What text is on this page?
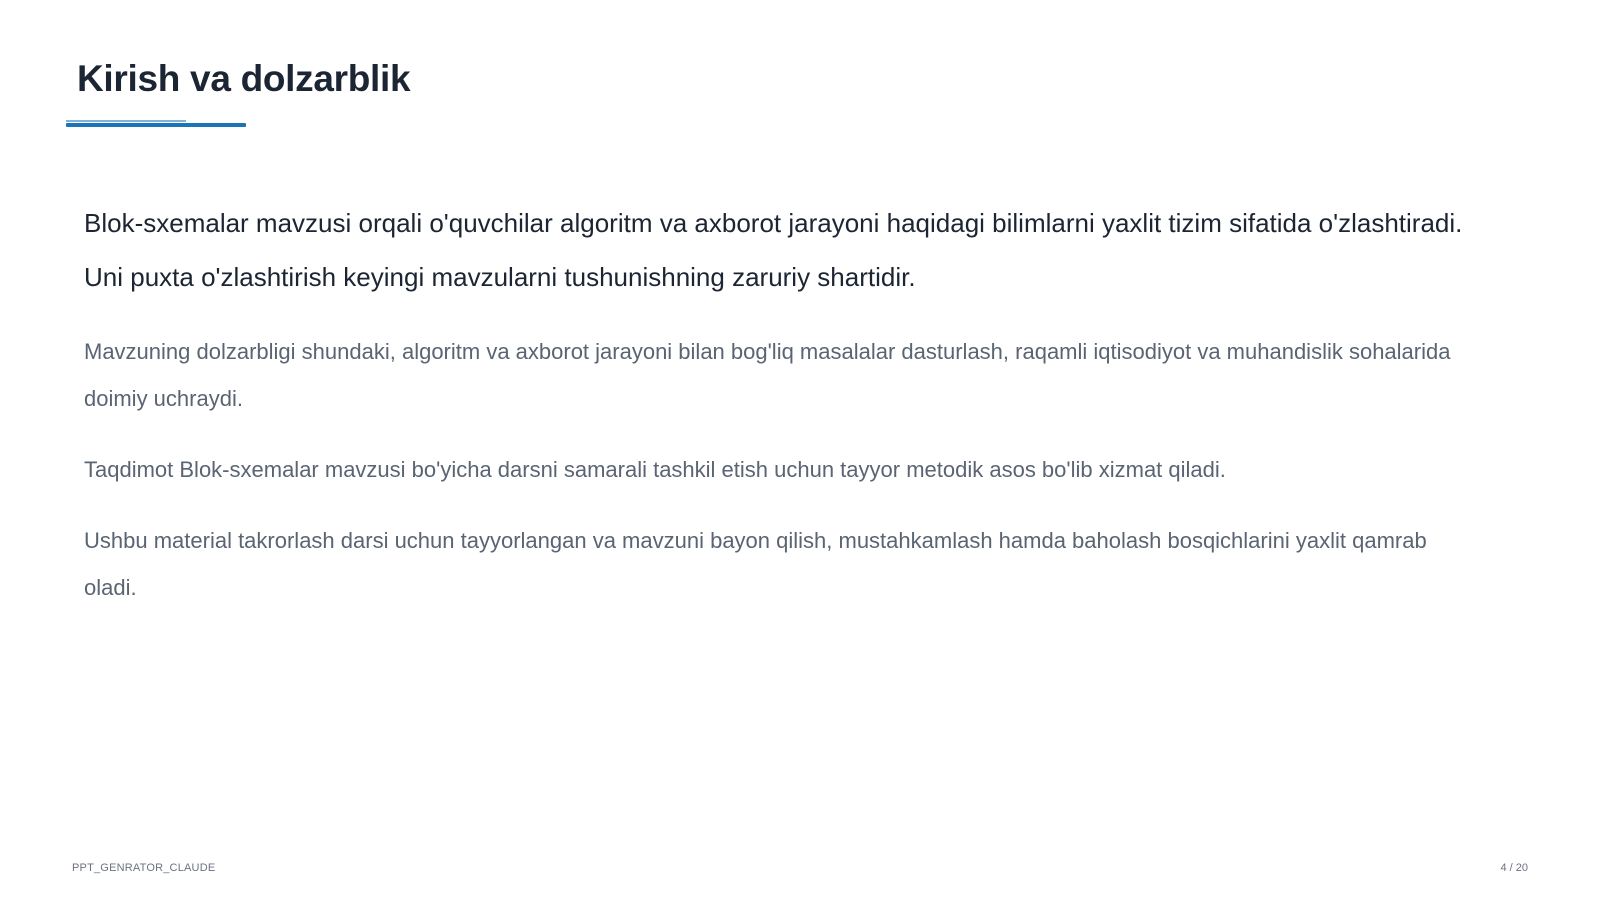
Kirish va dolzarblik

Blok-sxemalar mavzusi orqali o'quvchilar algoritm va axborot jarayoni haqidagi bilimlarni yaxlit tizim sifatida o'zlashtiradi. Uni puxta o'zlashtirish keyingi mavzularni tushunishning zaruriy shartidir.

Mavzuning dolzarbligi shundaki, algoritm va axborot jarayoni bilan bog'liq masalalar dasturlash, raqamli iqtisodiyot va muhandislik sohalarida doimiy uchraydi.

Taqdimot Blok-sxemalar mavzusi bo'yicha darsni samarali tashkil etish uchun tayyor metodik asos bo'lib xizmat qiladi.

Ushbu material takrorlash darsi uchun tayyorlangan va mavzuni bayon qilish, mustahkamlash hamda baholash bosqichlarini yaxlit qamrab oladi.

PPT_GENRATOR_CLAUDE	4 / 20
